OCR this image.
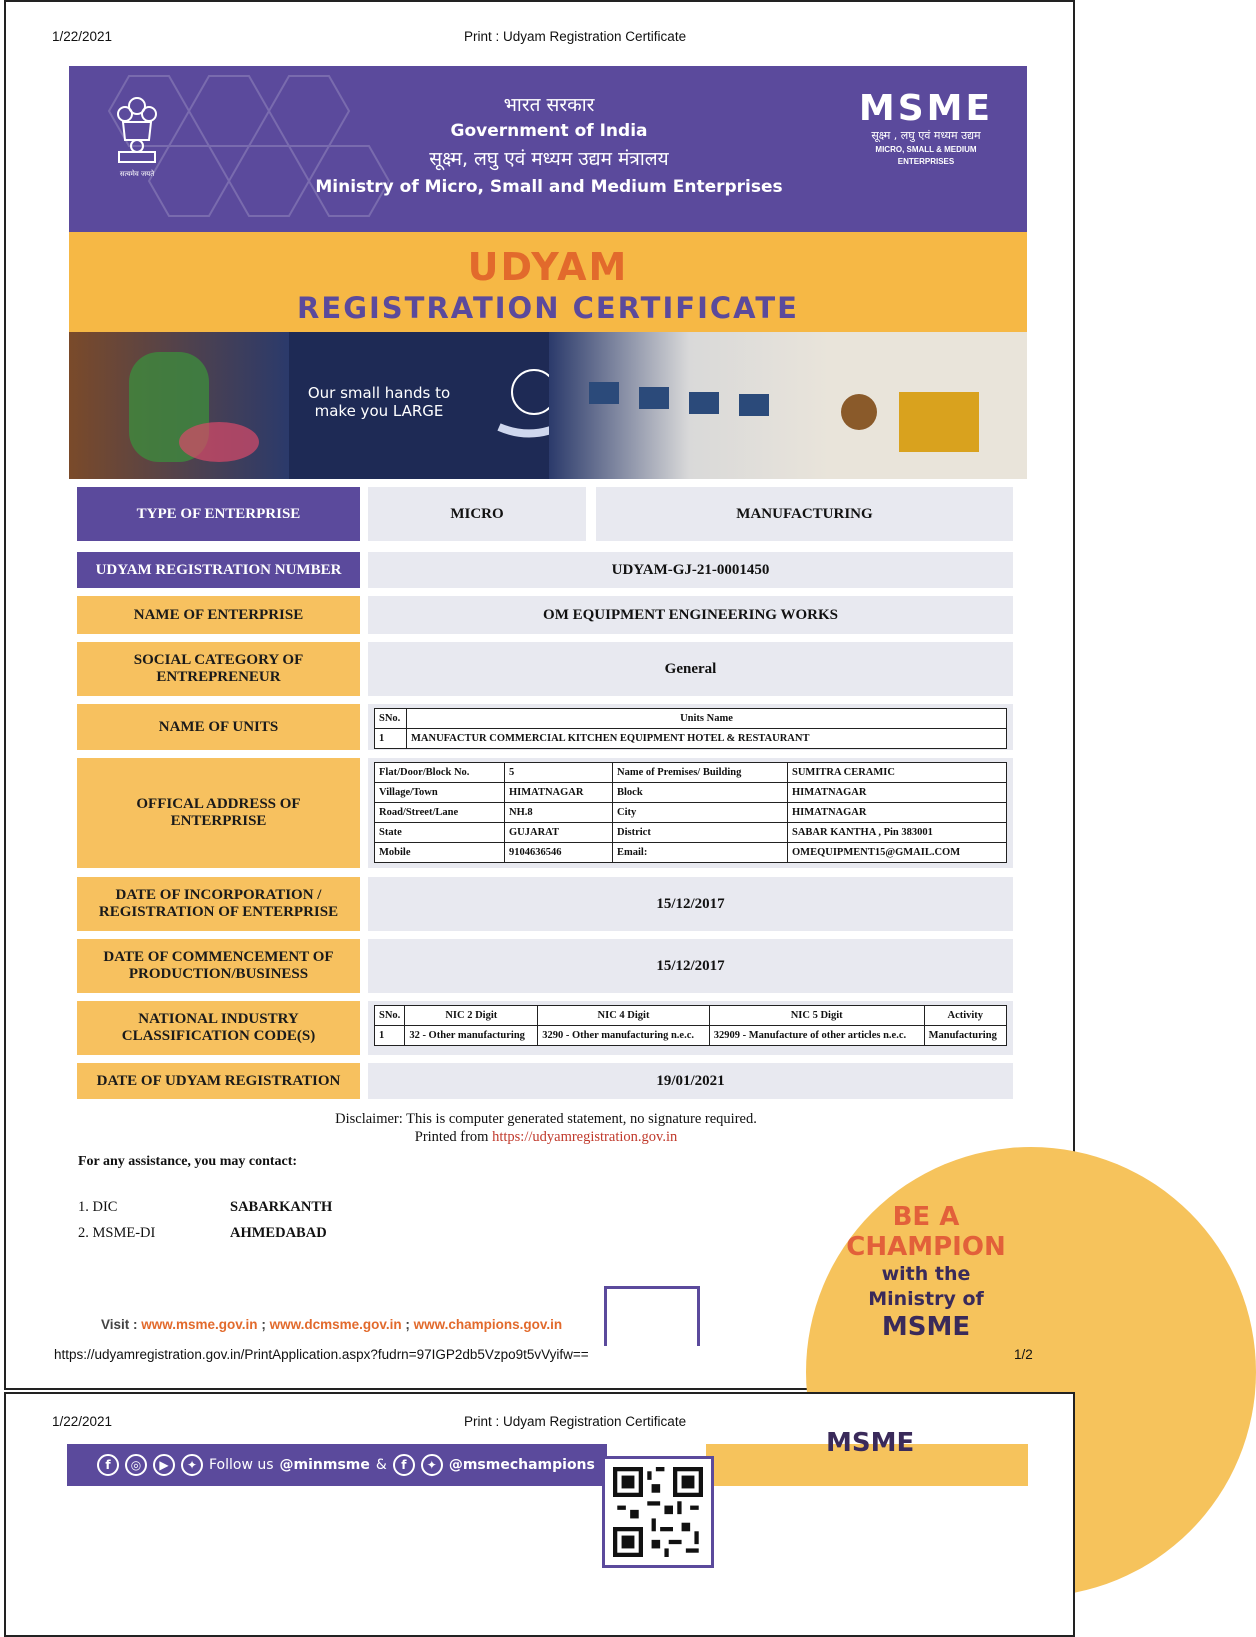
1/22/2021	Print : Udyam Registration Certificate
सत्यमेव जयते
भारत सरकार
Government of India
सूक्ष्म, लघु एवं मध्यम उद्यम मंत्रालय
Ministry of Micro, Small and Medium Enterprises
MSME
सूक्ष्म , लघु एवं मध्यम उद्यम
MICRO, SMALL & MEDIUM ENTERPRISES
UDYAM
REGISTRATION CERTIFICATE
Our small hands to
make you LARGE
TYPE OF ENTERPRISE	MICRO	MANUFACTURING
UDYAM REGISTRATION NUMBER	UDYAM-GJ-21-0001450
NAME OF ENTERPRISE	OM EQUIPMENT ENGINEERING WORKS
SOCIAL CATEGORY OF ENTREPRENEUR
General
NAME OF UNITS	SNo.	Units Name
1	MANUFACTUR COMMERCIAL KITCHEN EQUIPMENT HOTEL & RESTAURANT
OFFICAL ADDRESS OF ENTERPRISE
Flat/Door/Block No.	5	Name of Premises/ Building	SUMITRA CERAMIC
Village/Town	HIMATNAGAR	Block	HIMATNAGAR
Road/Street/Lane	NH.8	City	HIMATNAGAR
State	GUJARAT	District	SABAR KANTHA , Pin 383001
Mobile	9104636546	Email:	OMEQUIPMENT15@GMAIL.COM
DATE OF INCORPORATION / REGISTRATION OF ENTERPRISE
15/12/2017
DATE OF COMMENCEMENT OF PRODUCTION/BUSINESS
15/12/2017
NATIONAL INDUSTRY CLASSIFICATION CODE(S)
SNo.	NIC 2 Digit	NIC 4 Digit	NIC 5 Digit	Activity
1	32 - Other manufacturing	3290 - Other manufacturing n.e.c.	32909 - Manufacture of other articles n.e.c.	Manufacturing
DATE OF UDYAM REGISTRATION	19/01/2021
Disclaimer: This is computer generated statement, no signature required.
Printed from https://udyamregistration.gov.in
For any assistance, you may contact:
1. DIC	SABARKANTH
2. MSME-DI	AHMEDABAD
BE A
CHAMPION
with the
Ministry of
MSME
Visit : www.msme.gov.in ; www.dcmsme.gov.in ; www.champions.gov.in
https://udyamregistration.gov.in/PrintApplication.aspx?fudrn=97IGP2db5Vzpo9t5vVyifw==	1/2
1/22/2021	Print : Udyam Registration Certificate
MSME
f	◎	▶	✦ Follow us @minmsme &	f	✦ @msmechampions
